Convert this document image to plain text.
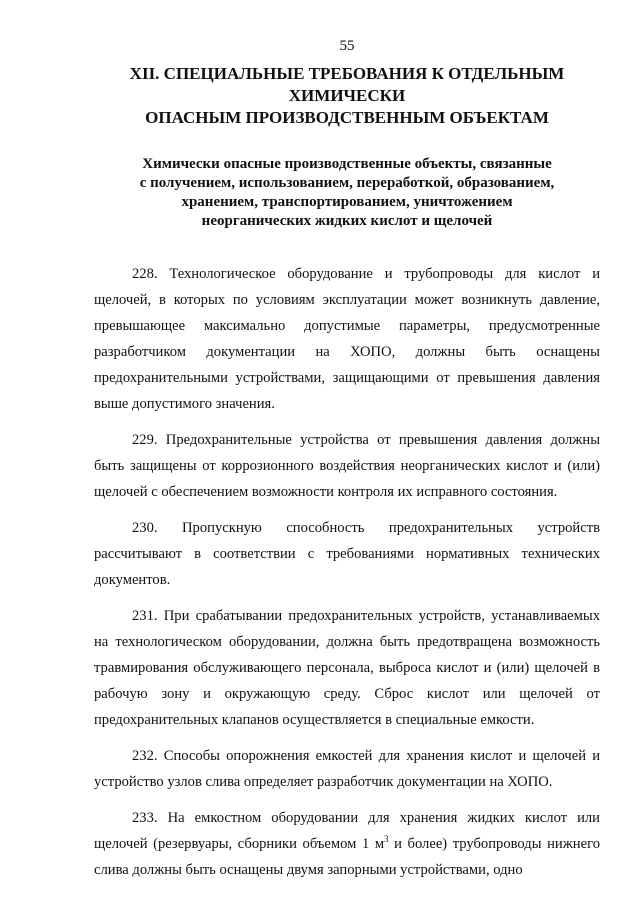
55
XII. СПЕЦИАЛЬНЫЕ ТРЕБОВАНИЯ К ОТДЕЛЬНЫМ ХИМИЧЕСКИ
ОПАСНЫМ ПРОИЗВОДСТВЕННЫМ ОБЪЕКТАМ
Химически опасные производственные объекты, связанные
с получением, использованием, переработкой, образованием,
хранением, транспортированием, уничтожением
неорганических жидких кислот и щелочей

228. Технологическое оборудование и трубопроводы для кислот и щелочей, в которых по условиям эксплуатации может возникнуть давление, превышающее максимально допустимые параметры, предусмотренные разработчиком документации на ХОПО, должны быть оснащены предохранительными устройствами, защищающими от превышения давления выше допустимого значения.

229. Предохранительные устройства от превышения давления должны быть защищены от коррозионного воздействия неорганических кислот и (или) щелочей с обеспечением возможности контроля их исправного состояния.

230. Пропускную способность предохранительных устройств рассчитывают в соответствии с требованиями нормативных технических документов.

231. При срабатывании предохранительных устройств, устанавливаемых на технологическом оборудовании, должна быть предотвращена возможность травмирования обслуживающего персонала, выброса кислот и (или) щелочей в рабочую зону и окружающую среду. Сброс кислот или щелочей от предохранительных клапанов осуществляется в специальные емкости.

232. Способы опорожнения емкостей для хранения кислот и щелочей и устройство узлов слива определяет разработчик документации на ХОПО.

233. На емкостном оборудовании для хранения жидких кислот или щелочей (резервуары, сборники объемом 1 $м^3$ и более) трубопроводы нижнего слива должны быть оснащены двумя запорными устройствами, одно
